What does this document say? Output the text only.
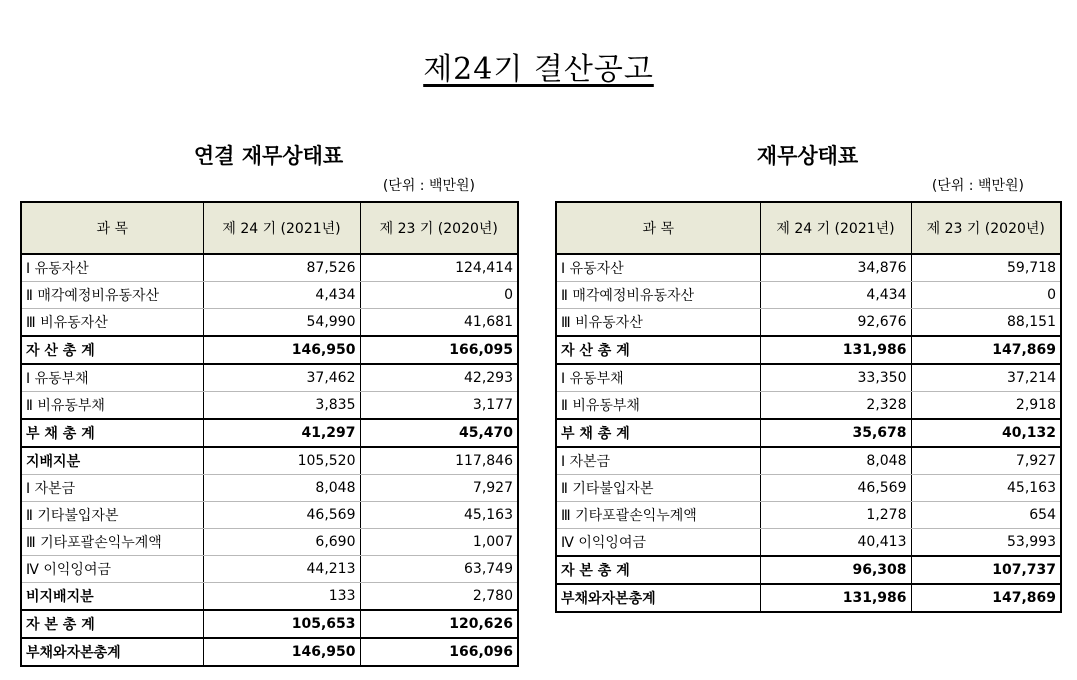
제24기 결산공고
연결 재무상태표
(단위 : 백만원)
재무상태표
(단위 : 백만원)
과 목	제 24 기 (2021년)	제 23 기 (2020년)
Ⅰ 유동자산	87,526	124,414
Ⅱ 매각예정비유동자산	4,434	0
Ⅲ 비유동자산	54,990	41,681
자 산 총 계	146,950	166,095
Ⅰ 유동부채	37,462	42,293
Ⅱ 비유동부채	3,835	3,177
부 채 총 계	41,297	45,470
지배지분	105,520	117,846
Ⅰ 자본금	8,048	7,927
Ⅱ 기타불입자본	46,569	45,163
Ⅲ 기타포괄손익누계액	6,690	1,007
Ⅳ 이익잉여금	44,213	63,749
비지배지분	133	2,780
자 본 총 계	105,653	120,626
부채와자본총계	146,950	166,096
과 목	제 24 기 (2021년)	제 23 기 (2020년)
Ⅰ 유동자산	34,876	59,718
Ⅱ 매각예정비유동자산	4,434	0
Ⅲ 비유동자산	92,676	88,151
자 산 총 계	131,986	147,869
Ⅰ 유동부채	33,350	37,214
Ⅱ 비유동부채	2,328	2,918
부 채 총 계	35,678	40,132
Ⅰ 자본금	8,048	7,927
Ⅱ 기타불입자본	46,569	45,163
Ⅲ 기타포괄손익누계액	1,278	654
Ⅳ 이익잉여금	40,413	53,993
자 본 총 계	96,308	107,737
부채와자본총계	131,986	147,869
